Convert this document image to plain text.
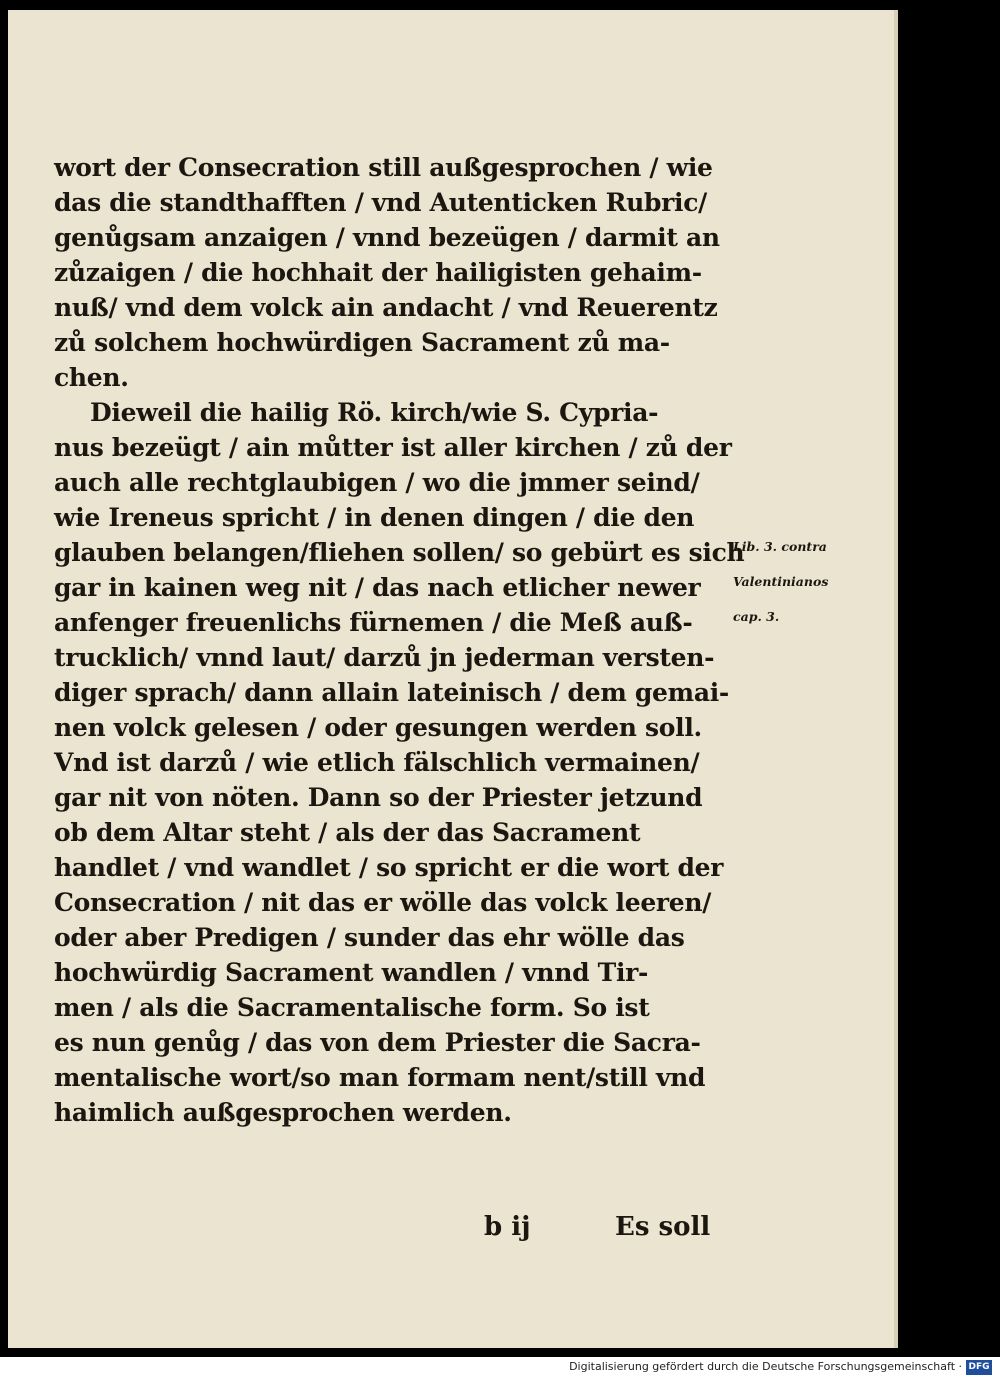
wort der Consecration still außgesprochen / wie
das die standthafften / vnd Autenticken Rubric/
genůgsam anzaigen / vnnd bezeügen / darmit an
zůzaigen / die hochhait der hailigisten gehaim-
nuß/ vnd dem volck ain andacht / vnd Reuerentz
zů solchem hochwürdigen Sacrament zů ma-
chen.
Dieweil die hailig Rö. kirch/wie S. Cypria-
nus bezeügt / ain můtter ist aller kirchen / zů der
auch alle rechtglaubigen / wo die jmmer seind/
wie Ireneus spricht / in denen dingen / die den
glauben belangen/fliehen sollen/ so gebürt es sich
gar in kainen weg nit / das nach etlicher newer
anfenger freuenlichs fürnemen / die Meß auß-
trucklich/ vnnd laut/ darzů jn jederman versten-
diger sprach/ dann allain lateinisch / dem gemai-
nen volck gelesen / oder gesungen werden soll.
Vnd ist darzů / wie etlich fälschlich vermainen/
gar nit von nöten. Dann so der Priester jetzund
ob dem Altar steht / als der das Sacrament
handlet / vnd wandlet / so spricht er die wort der
Consecration / nit das er wölle das volck leeren/
oder aber Predigen / sunder das ehr wölle das
hochwürdig Sacrament wandlen / vnnd Tir-
men / als die Sacramentalische form. So ist
es nun genůg / das von dem Priester die Sacra-
mentalische wort/so man formam nent/still vnd
haimlich außgesprochen werden.
Lib. 3. contra
Valentinianos
cap. 3.
b ij	Es soll
Digitalisierung gefördert durch die Deutsche Forschungsgemeinschaft · DFG
